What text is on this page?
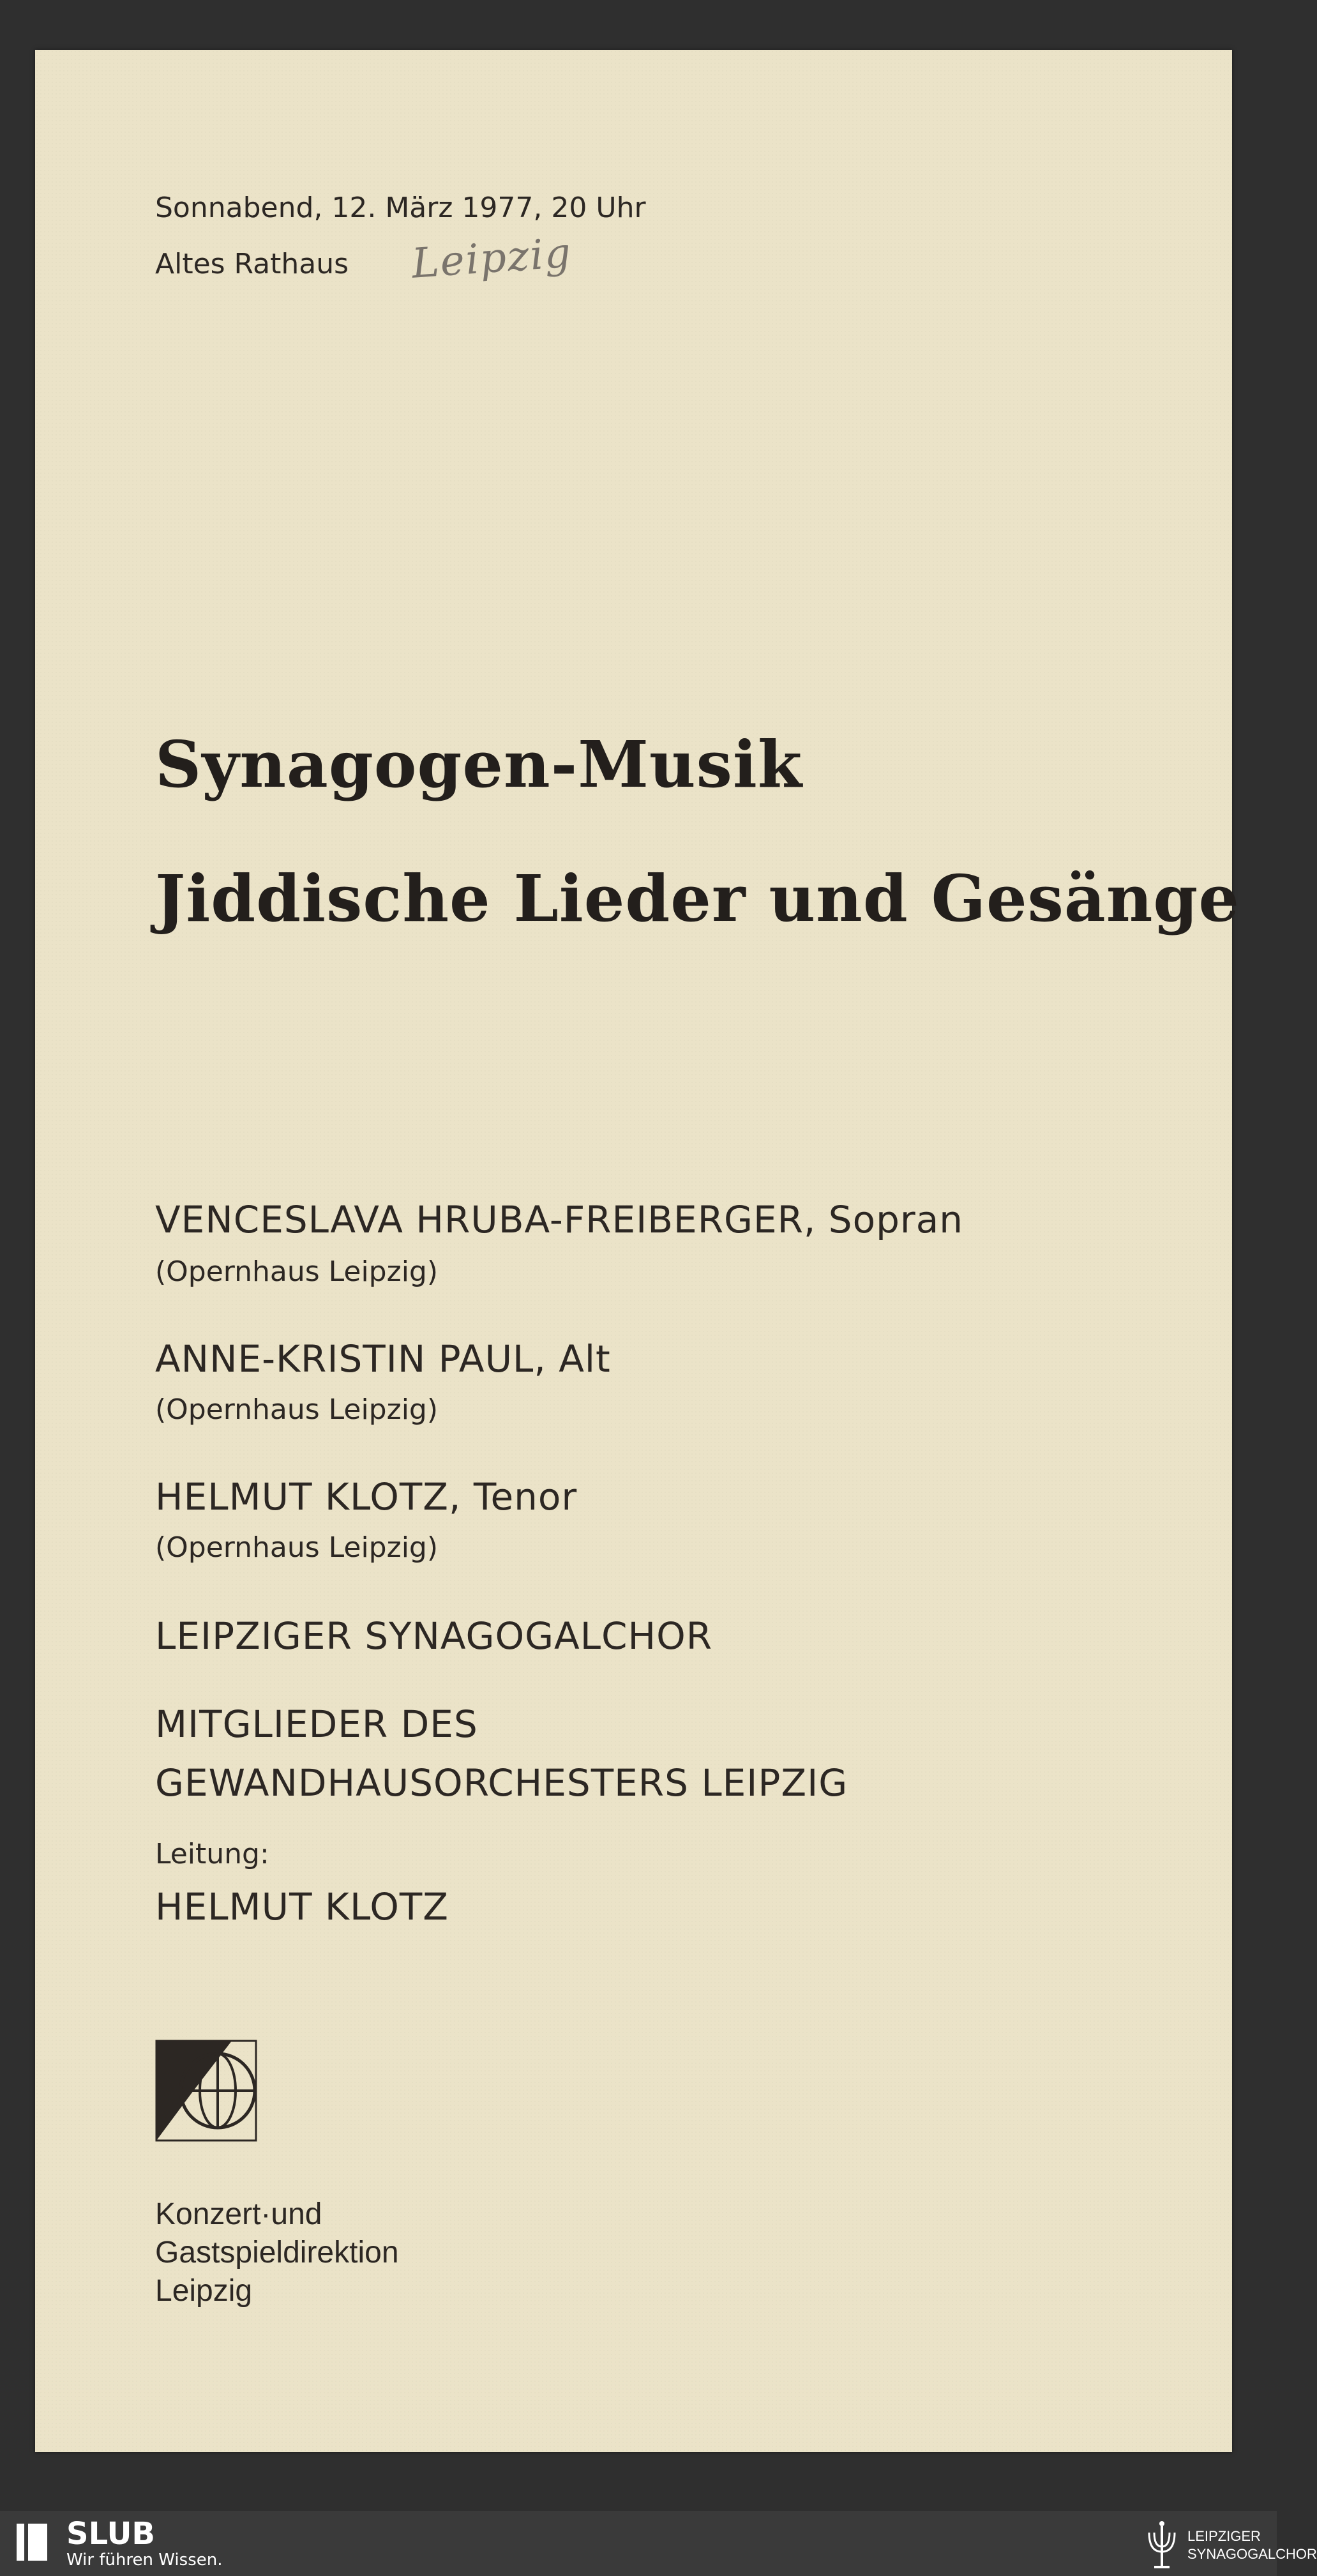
Sonnabend, 12. März 1977, 20 Uhr
Altes Rathaus Leipzig
Synagogen-Musik
Jiddische Lieder und Gesänge
VENCESLAVA HRUBA-FREIBERGER, Sopran
(Opernhaus Leipzig)
ANNE-KRISTIN PAUL, Alt
(Opernhaus Leipzig)
HELMUT KLOTZ, Tenor
(Opernhaus Leipzig)
LEIPZIGER SYNAGOGALCHOR
MITGLIEDER DES
GEWANDHAUSORCHESTERS LEIPZIG
Leitung:
HELMUT KLOTZ
Konzert·und
Gastspieldirektion
Leipzig
SLUB
Wir führen Wissen.
LEIPZIGER
SYNAGOGALCHOR
